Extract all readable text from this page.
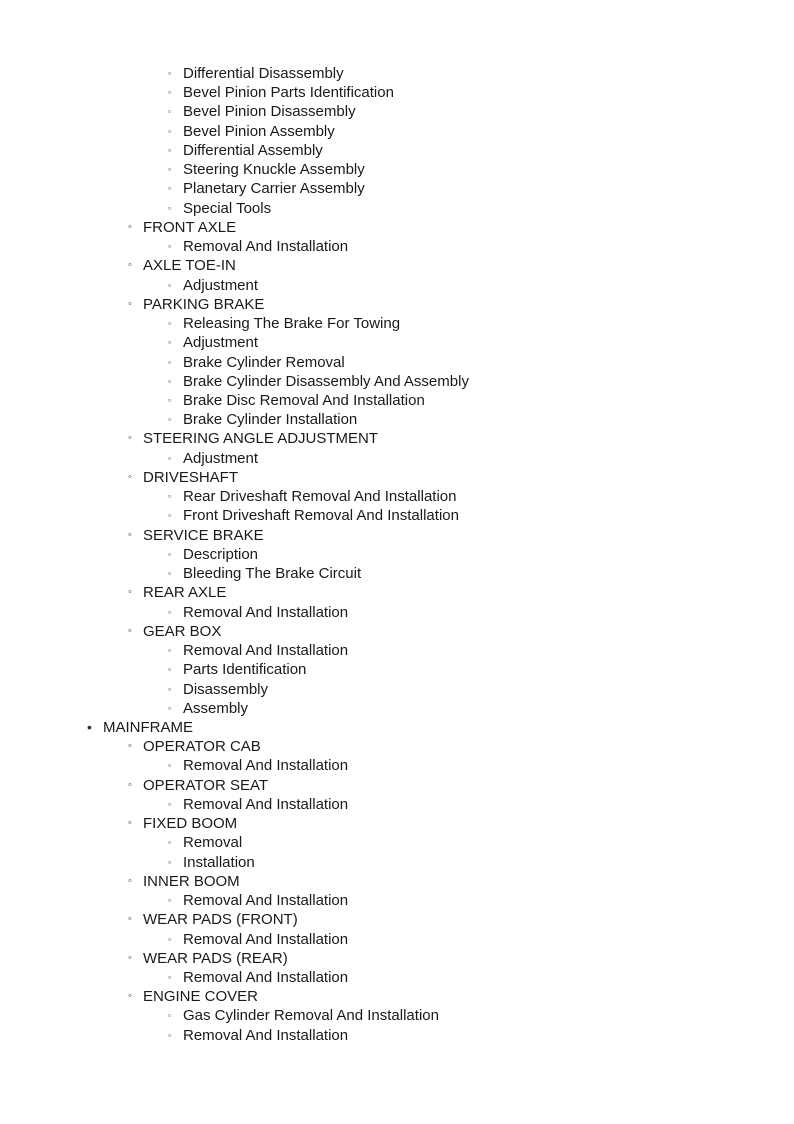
▫ Differential Disassembly
▫ Bevel Pinion Parts Identification
▫ Bevel Pinion Disassembly
▫ Bevel Pinion Assembly
▫ Differential Assembly
▫ Steering Knuckle Assembly
▫ Planetary Carrier Assembly
▫ Special Tools
◦ FRONT AXLE
▫ Removal And Installation
◦ AXLE TOE-IN
▫ Adjustment
◦ PARKING BRAKE
▫ Releasing The Brake For Towing
▫ Adjustment
▫ Brake Cylinder Removal
▫ Brake Cylinder Disassembly And Assembly
▫ Brake Disc Removal And Installation
▫ Brake Cylinder Installation
◦ STEERING ANGLE ADJUSTMENT
▫ Adjustment
◦ DRIVESHAFT
▫ Rear Driveshaft Removal And Installation
▫ Front Driveshaft Removal And Installation
◦ SERVICE BRAKE
▫ Description
▫ Bleeding The Brake Circuit
◦ REAR AXLE
▫ Removal And Installation
◦ GEAR BOX
▫ Removal And Installation
▫ Parts Identification
▫ Disassembly
▫ Assembly
• MAINFRAME
◦ OPERATOR CAB
▫ Removal And Installation
◦ OPERATOR SEAT
▫ Removal And Installation
◦ FIXED BOOM
▫ Removal
▫ Installation
◦ INNER BOOM
▫ Removal And Installation
◦ WEAR PADS (FRONT)
▫ Removal And Installation
◦ WEAR PADS (REAR)
▫ Removal And Installation
◦ ENGINE COVER
▫ Gas Cylinder Removal And Installation
▫ Removal And Installation
